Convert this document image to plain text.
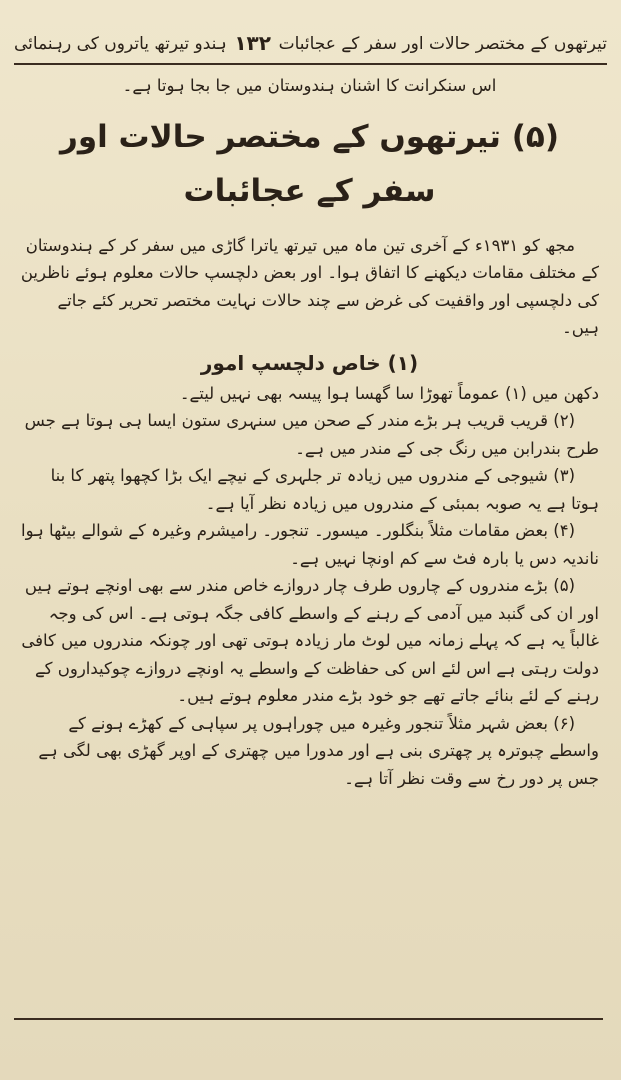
تیرتھوں کے مختصر حالات اور سفر کے عجائبات
۱۳۲
ہندو تیرتھ یاتروں کی رہنمائی

اس سنکرانت کا اشنان ہندوستان میں جا بجا ہوتا ہے۔

(۵) تیرتھوں کے مختصر حالات اور سفر کے عجائبات

مجھ کو ۱۹۳۱ء کے آخری تین ماہ میں تیرتھ یاترا گاڑی میں سفر کر کے ہندوستان کے مختلف مقامات دیکھنے کا اتفاق ہوا۔ اور بعض دلچسپ حالات معلوم ہوئے ناظرین کی دلچسپی اور واقفیت کی غرض سے چند حالات نہایت مختصر تحریر کئے جاتے ہیں۔

(۱) خاص دلچسپ امور

دکھن میں (۱) عموماً تھوڑا سا گھسا ہوا پیسہ بھی نہیں لیتے۔

(۲) قریب قریب ہر بڑے مندر کے صحن میں سنہری ستون ایسا ہی ہوتا ہے جس طرح بندرابن میں رنگ جی کے مندر میں ہے۔

(۳) شیوجی کے مندروں میں زیادہ تر جلہری کے نیچے ایک بڑا کچھوا پتھر کا بنا ہوتا ہے یہ صوبہ بمبئی کے مندروں میں زیادہ نظر آیا ہے۔

(۴) بعض مقامات مثلاً بنگلور۔ میسور۔ تنجور۔ رامیشرم وغیرہ کے شوالے بیٹھا ہوا ناندیہ دس یا بارہ فٹ سے کم اونچا نہیں ہے۔

(۵) بڑے مندروں کے چاروں طرف چار دروازے خاص مندر سے بھی اونچے ہوتے ہیں اور ان کی گنبد میں آدمی کے رہنے کے واسطے کافی جگہ ہوتی ہے۔ اس کی وجہ غالباً یہ ہے کہ پہلے زمانہ میں لوٹ مار زیادہ ہوتی تھی اور چونکہ مندروں میں کافی دولت رہتی ہے اس لئے اس کی حفاظت کے واسطے یہ اونچے دروازے چوکیداروں کے رہنے کے لئے بنائے جاتے تھے جو خود بڑے مندر معلوم ہوتے ہیں۔

(۶) بعض شہر مثلاً تنجور وغیرہ میں چوراہوں پر سپاہی کے کھڑے ہونے کے واسطے چبوترہ پر چھتری بنی ہے اور مدورا میں چھتری کے اوپر گھڑی بھی لگی ہے جس پر دور رخ سے وقت نظر آتا ہے۔
